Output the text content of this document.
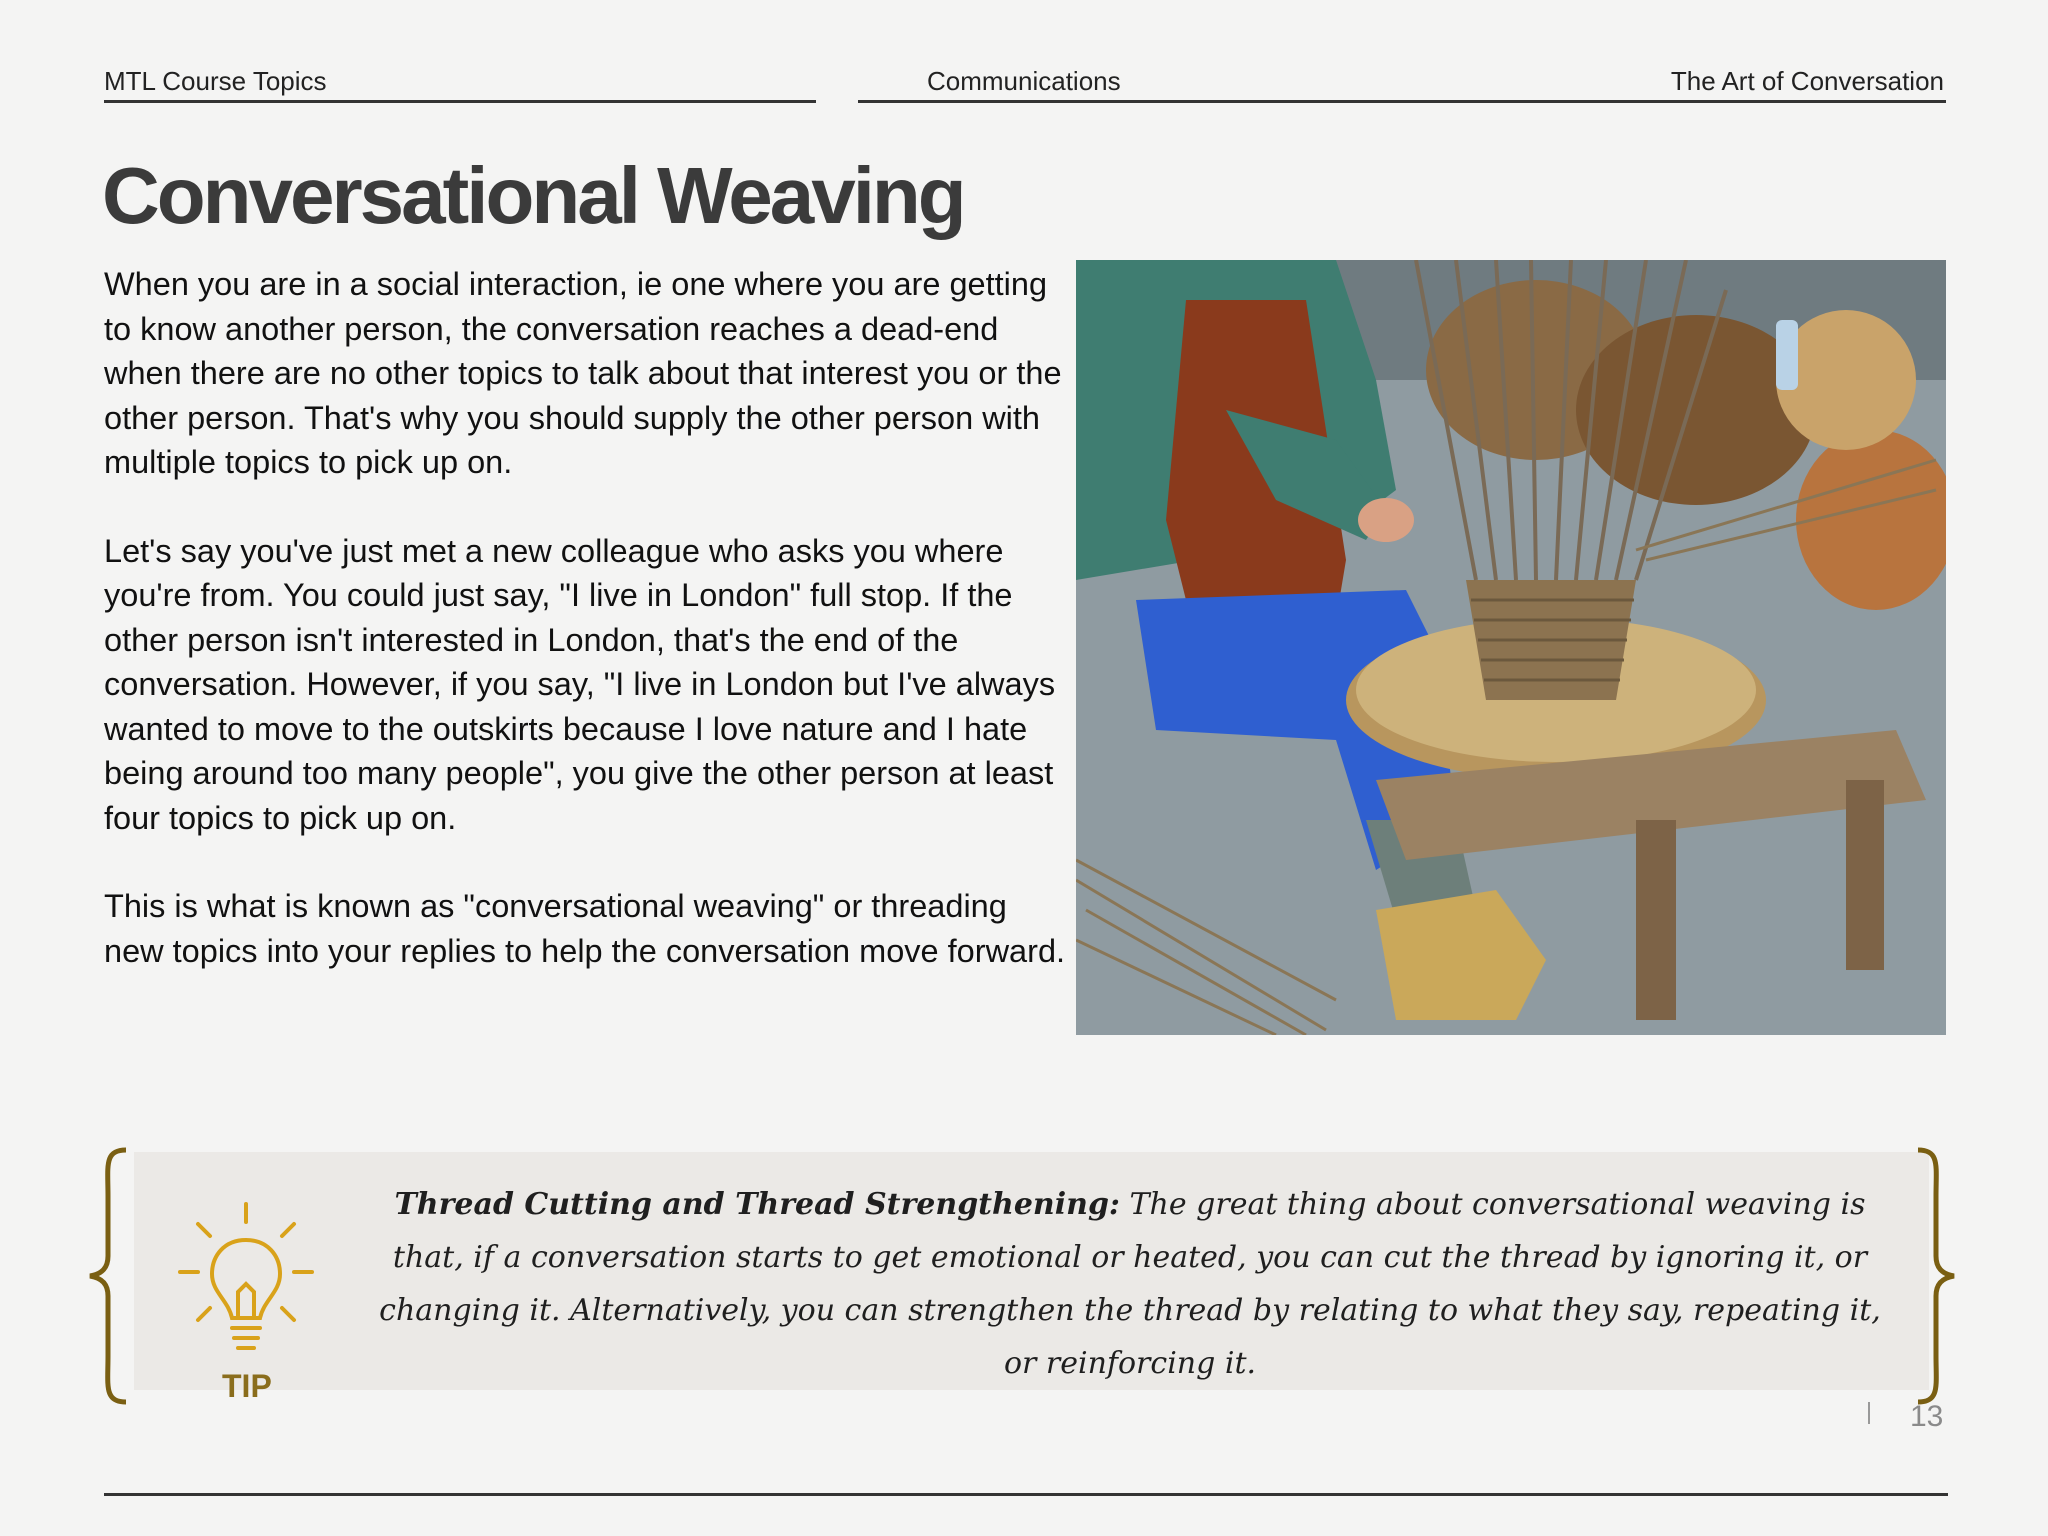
MTL Course Topics	Communications	The Art of Conversation
Conversational Weaving

When you are in a social interaction, ie one where you are getting to know another person, the conversation reaches a dead-end when there are no other topics to talk about that interest you or the other person. That's why you should supply the other person with multiple topics to pick up on.

Let's say you've just met a new colleague who asks you where you're from. You could just say, "I live in London" full stop. If the other person isn't interested in London, that's the end of the conversation. However, if you say, "I live in London but I've always wanted to move to the outskirts because I love nature and I hate being around too many people", you give the other person at least four topics to pick up on.

This is what is known as "conversational weaving" or threading new topics into your replies to help the conversation move forward.

TIP
Thread Cutting and Thread Strengthening: The great thing about conversational weaving is that, if a conversation starts to get emotional or heated, you can cut the thread by ignoring it, or changing it. Alternatively, you can strengthen the thread by relating to what they say, repeating it, or reinforcing it.
13
